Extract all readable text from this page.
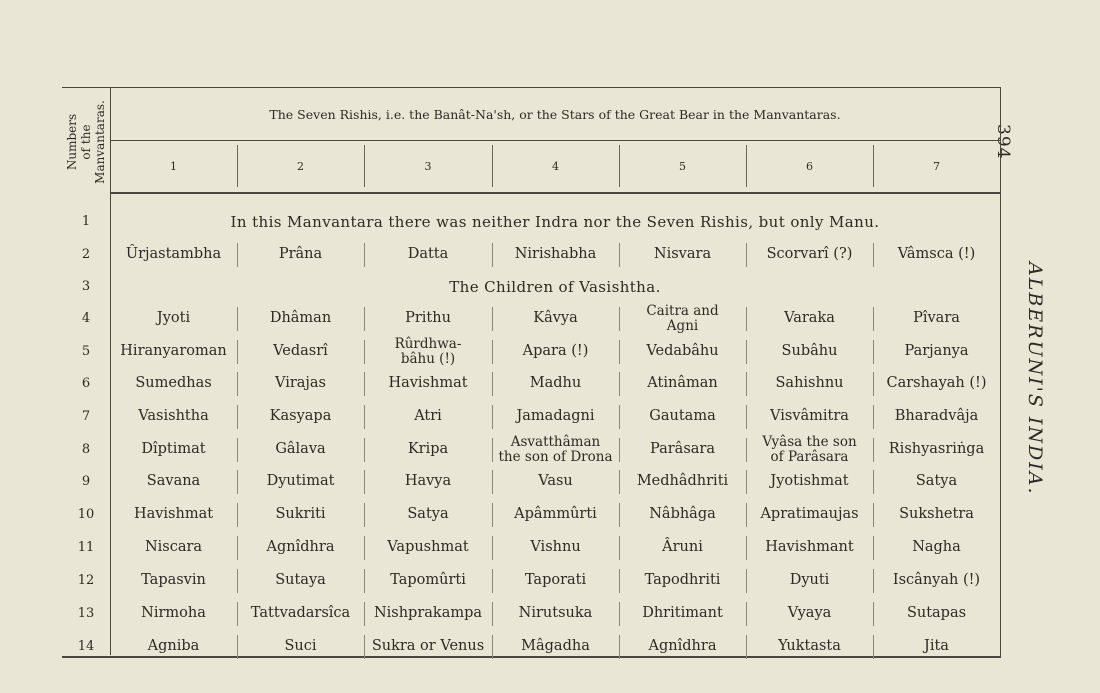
394
ALBERUNI'S INDIA.
Numbers of the Manvantaras.	The Seven Rishis, i.e. the Banât-Na'sh, or the Stars of the Great Bear in the Manvantaras.
1	2	3	4	5	6	7
1	In this Manvantara there was neither Indra nor the Seven Rishis, but only Manu.
2	Ûrjastambha	Prâna	Datta	Nirishabha	Nisvara	Scorvarî (?)	Vâmsca (!)
3	The Children of Vasishtha.
4	Jyoti	Dhâman	Prithu	Kâvya	Caitra and
Agni	Varaka	Pîvara
5	Hiranyaroman	Vedasrî	Rûrdhwa-
bâhu (!)	Apara (!)	Vedabâhu	Subâhu	Parjanya
6	Sumedhas	Virajas	Havishmat	Madhu	Atinâman	Sahishnu	Carshayah (!)
7	Vasishtha	Kasyapa	Atri	Jamadagni	Gautama	Visvâmitra	Bharadvâja
8	Dîptimat	Gâlava	Kripa	Asvatthâman
the son of Drona	Parâsara	Vyâsa the son
of Parâsara	Rishyasriṅga
9	Savana	Dyutimat	Havya	Vasu	Medhâdhriti	Jyotishmat	Satya
10	Havishmat	Sukriti	Satya	Apâmmûrti	Nâbhâga	Apratimaujas	Sukshetra
11	Niscara	Agnîdhra	Vapushmat	Vishnu	Âruni	Havishmant	Nagha
12	Tapasvin	Sutaya	Tapomûrti	Taporati	Tapodhriti	Dyuti	Iscânyah (!)
13	Nirmoha	Tattvadarsîca	Nishprakampa	Nirutsuka	Dhritimant	Vyaya	Sutapas
14	Agniba	Suci	Sukra or Venus	Mâgadha	Agnîdhra	Yuktasta	Jita
